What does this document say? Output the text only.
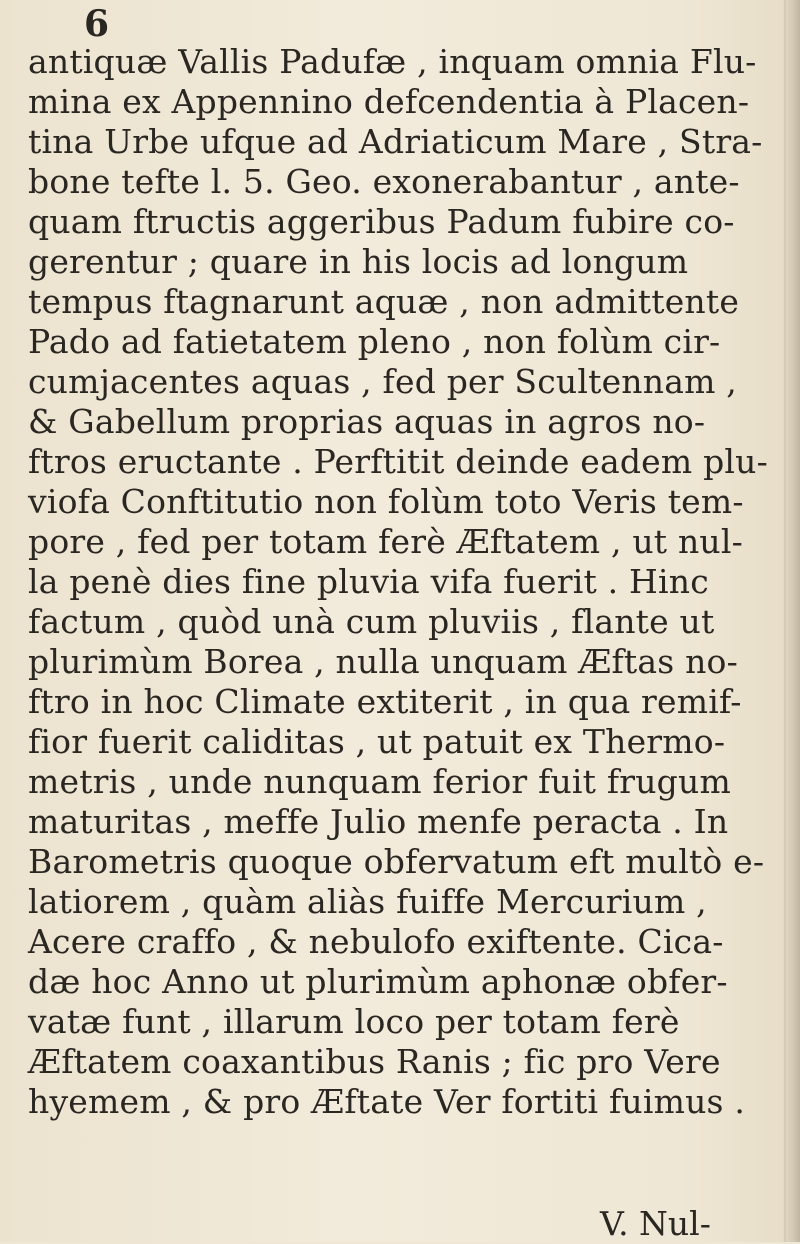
6
antiquæ Vallis Padufæ , inquam omnia Flu-
mina ex Appennino defcendentia à Placen-
tina Urbe ufque ad Adriaticum Mare , Stra-
bone tefte l. 5. Geo. exonerabantur , ante-
quam ftructis aggeribus Padum fubire co-
gerentur ; quare in his locis ad longum
tempus ftagnarunt aquæ , non admittente
Pado ad fatietatem pleno , non folùm cir-
cumjacentes aquas , fed per Scultennam ,
& Gabellum proprias aquas in agros no-
ftros eructante . Perftitit deinde eadem plu-
viofa Conftitutio non folùm toto Veris tem-
pore , fed per totam ferè Æftatem , ut nul-
la penè dies fine pluvia vifa fuerit . Hinc
factum , quòd unà cum pluviis , flante ut
plurimùm Borea , nulla unquam Æftas no-
ftro in hoc Climate extiterit , in qua remif-
fior fuerit caliditas , ut patuit ex Thermo-
metris , unde nunquam ferior fuit frugum
maturitas , meffe Julio menfe peracta . In
Barometris quoque obfervatum eft multò e-
latiorem , quàm aliàs fuiffe Mercurium ,
Acere craffo , & nebulofo exiftente. Cica-
dæ hoc Anno ut plurimùm aphonæ obfer-
vatæ funt , illarum loco per totam ferè
Æftatem coaxantibus Ranis ; fic pro Vere
hyemem , & pro Æftate Ver fortiti fuimus .
V. Nul-
